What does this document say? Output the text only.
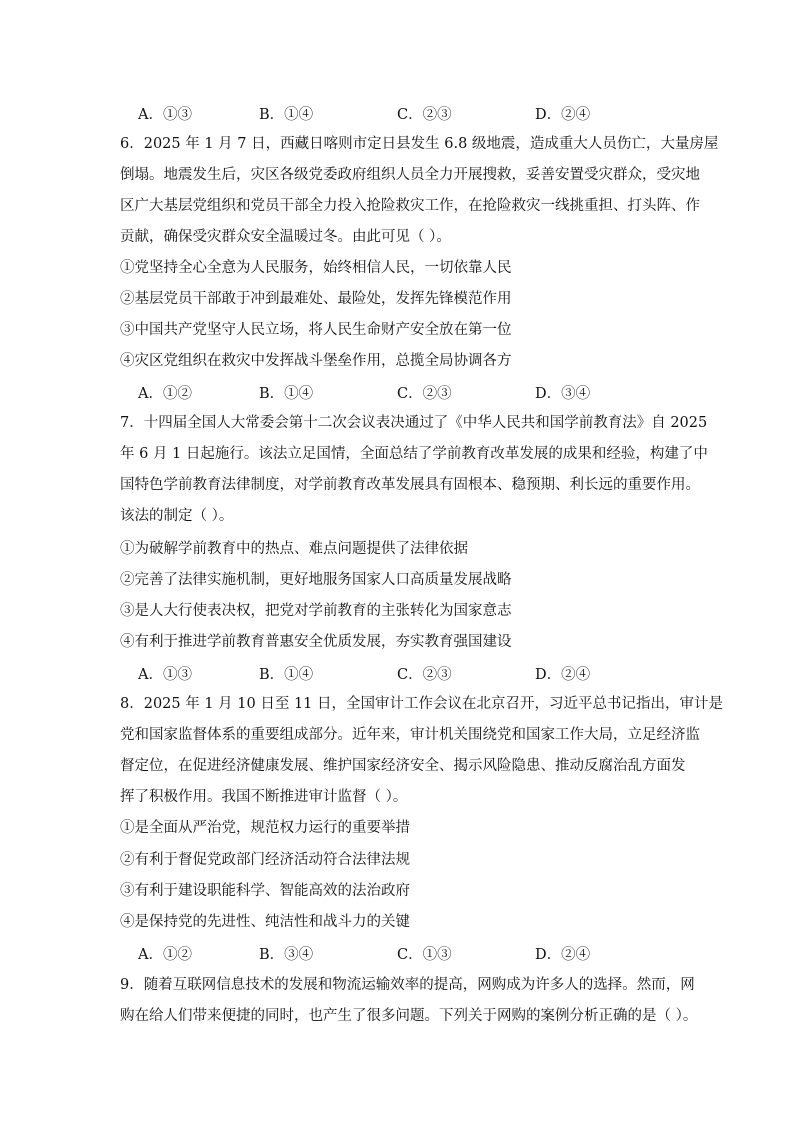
A．①③	B．①④	C．②③	D．②④
6．2025 年 1 月 7 日，西藏日喀则市定日县发生 6.8 级地震，造成重大人员伤亡，大量房屋
倒塌。地震发生后，灾区各级党委政府组织人员全力开展搜救，妥善安置受灾群众，受灾地
区广大基层党组织和党员干部全力投入抢险救灾工作，在抢险救灾一线挑重担、打头阵、作
贡献，确保受灾群众安全温暖过冬。由此可见（ ）。
①党坚持全心全意为人民服务，始终相信人民，一切依靠人民
②基层党员干部敢于冲到最难处、最险处，发挥先锋模范作用
③中国共产党坚守人民立场，将人民生命财产安全放在第一位
④灾区党组织在救灾中发挥战斗堡垒作用，总揽全局协调各方
A．①②	B．①④	C．②③	D．③④
7．十四届全国人大常委会第十二次会议表决通过了《中华人民共和国学前教育法》自 2025
年 6 月 1 日起施行。该法立足国情，全面总结了学前教育改革发展的成果和经验，构建了中
国特色学前教育法律制度，对学前教育改革发展具有固根本、稳预期、利长远的重要作用。
该法的制定（ ）。
①为破解学前教育中的热点、难点问题提供了法律依据
②完善了法律实施机制，更好地服务国家人口高质量发展战略
③是人大行使表决权，把党对学前教育的主张转化为国家意志
④有利于推进学前教育普惠安全优质发展，夯实教育强国建设
A．①③	B．①④	C．②③	D．②④
8．2025 年 1 月 10 日至 11 日，全国审计工作会议在北京召开，习近平总书记指出，审计是
党和国家监督体系的重要组成部分。近年来，审计机关围绕党和国家工作大局，立足经济监
督定位，在促进经济健康发展、维护国家经济安全、揭示风险隐患、推动反腐治乱方面发
挥了积极作用。我国不断推进审计监督（ ）。
①是全面从严治党，规范权力运行的重要举措
②有利于督促党政部门经济活动符合法律法规
③有利于建设职能科学、智能高效的法治政府
④是保持党的先进性、纯洁性和战斗力的关键
A．①②	B．③④	C．①③	D．②④
9．随着互联网信息技术的发展和物流运输效率的提高，网购成为许多人的选择。然而，网
购在给人们带来便捷的同时，也产生了很多问题。下列关于网购的案例分析正确的是（ ）。
